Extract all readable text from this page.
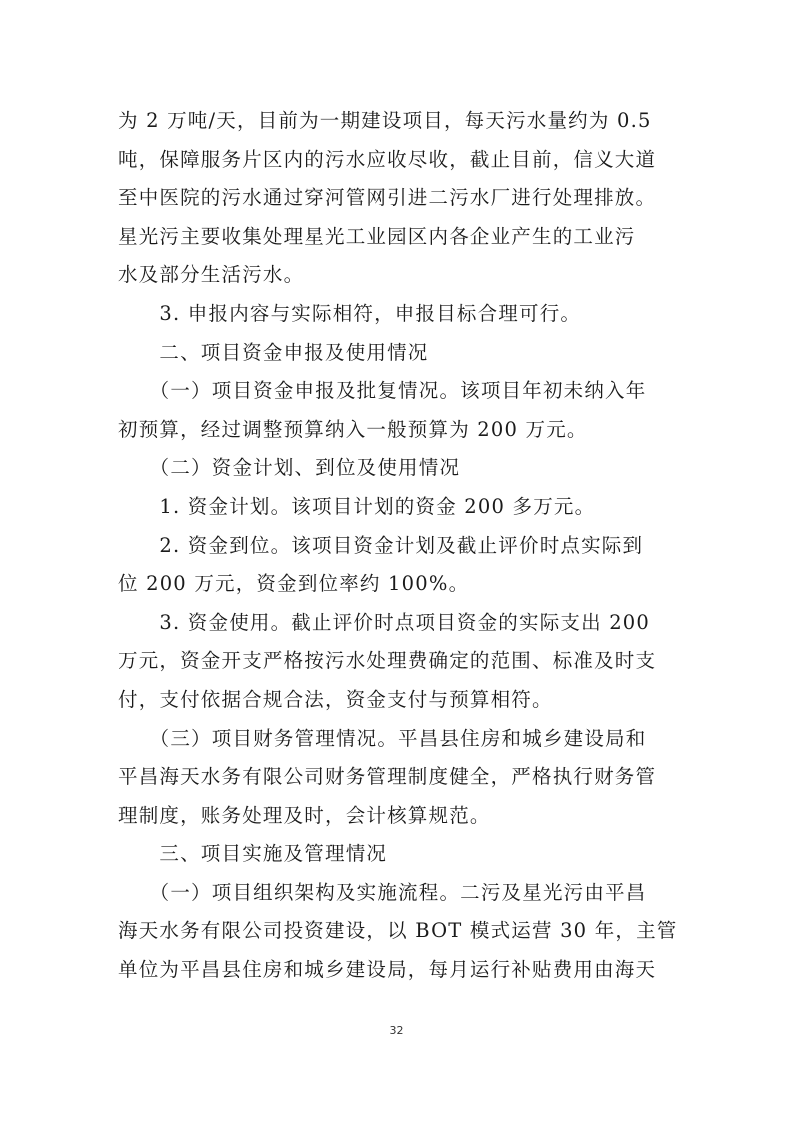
为 2 万吨/天，目前为一期建设项目，每天污水量约为 0.5
吨，保障服务片区内的污水应收尽收，截止目前，信义大道
至中医院的污水通过穿河管网引进二污水厂进行处理排放。
星光污主要收集处理星光工业园区内各企业产生的工业污
水及部分生活污水。
　　3. 申报内容与实际相符，申报目标合理可行。
　　二、项目资金申报及使用情况
　　（一）项目资金申报及批复情况。该项目年初未纳入年
初预算，经过调整预算纳入一般预算为 200 万元。
　　（二）资金计划、到位及使用情况
　　1. 资金计划。该项目计划的资金 200 多万元。
　　2. 资金到位。该项目资金计划及截止评价时点实际到
位 200 万元，资金到位率约 100%。
　　3. 资金使用。截止评价时点项目资金的实际支出 200
万元，资金开支严格按污水处理费确定的范围、标准及时支
付，支付依据合规合法，资金支付与预算相符。
　　（三）项目财务管理情况。平昌县住房和城乡建设局和
平昌海天水务有限公司财务管理制度健全，严格执行财务管
理制度，账务处理及时，会计核算规范。
　　三、项目实施及管理情况
　　（一）项目组织架构及实施流程。二污及星光污由平昌
海天水务有限公司投资建设，以 BOT 模式运营 30 年，主管
单位为平昌县住房和城乡建设局，每月运行补贴费用由海天
32
